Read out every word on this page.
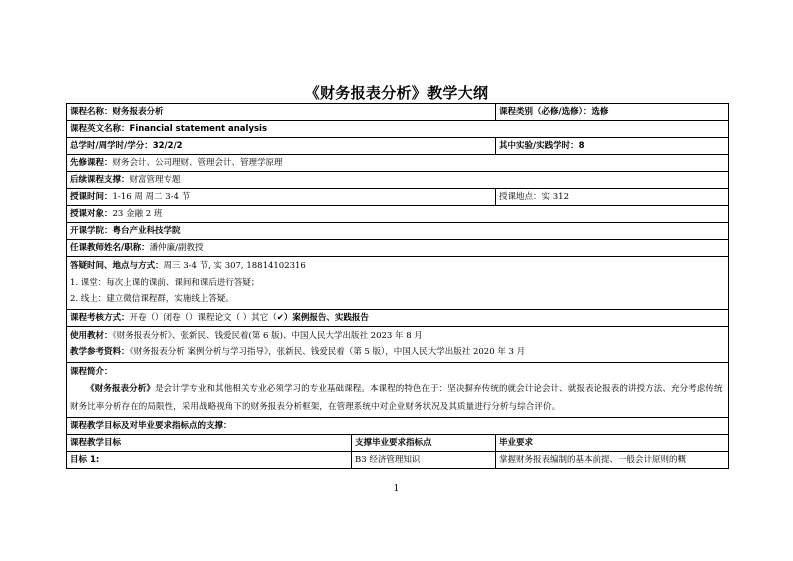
《财务报表分析》教学大纲
课程名称：财务报表分析		课程类别（必修/选修）：选修
课程英文名称：Financial statement analysis		
总学时/周学时/学分：32/2/2		其中实验/实践学时：8
先修课程：财务会计、公司理财、管理会计、管理学原理		
后续课程支撑：财富管理专题		
授课时间：1-16 周 周二 3-4 节		授课地点：实 312
授课对象：23 金融 2 班		
开课学院：粤台产业科技学院		
任课教师姓名/职称：潘仲廉/副教授		

答疑时间、地点与方式：周三 3-4 节, 实 307, 18814102316
1. 课堂：每次上课的课前、课间和课后进行答疑；
2. 线上：建立微信课程群，实施线上答疑。		

课程考核方式：开卷（）闭卷（）课程论文（ ）其它（✔）案例报告、实践报告		

使用教材：《财务报表分析》、张新民、钱爱民着(第 6 版)、中国人民大学出版社 2023 年 8 月
教学参考资料：《财务报表分析 案例分析与学习指导》，张新民、钱爱民着（第 5 版），中国人民大学出版社 2020 年 3 月		

课程简介：
《财务报表分析》是会计学专业和其他相关专业必须学习的专业基础课程。本课程的特色在于：坚决摒弃传统的就会计论会计、就报表论报表的讲授方法、充分考虑传统财务比率分析存在的局限性，采用战略视角下的财务报表分析框架，在管理系统中对企业财务状况及其质量进行分析与综合评价。		

课程教学目标及对毕业要求指标点的支撑：		
课程教学目标	支撑毕业要求指标点	毕业要求
目标 1:	B3 经济管理知识	掌握财务报表编制的基本前提、一般会计原则的概
1
